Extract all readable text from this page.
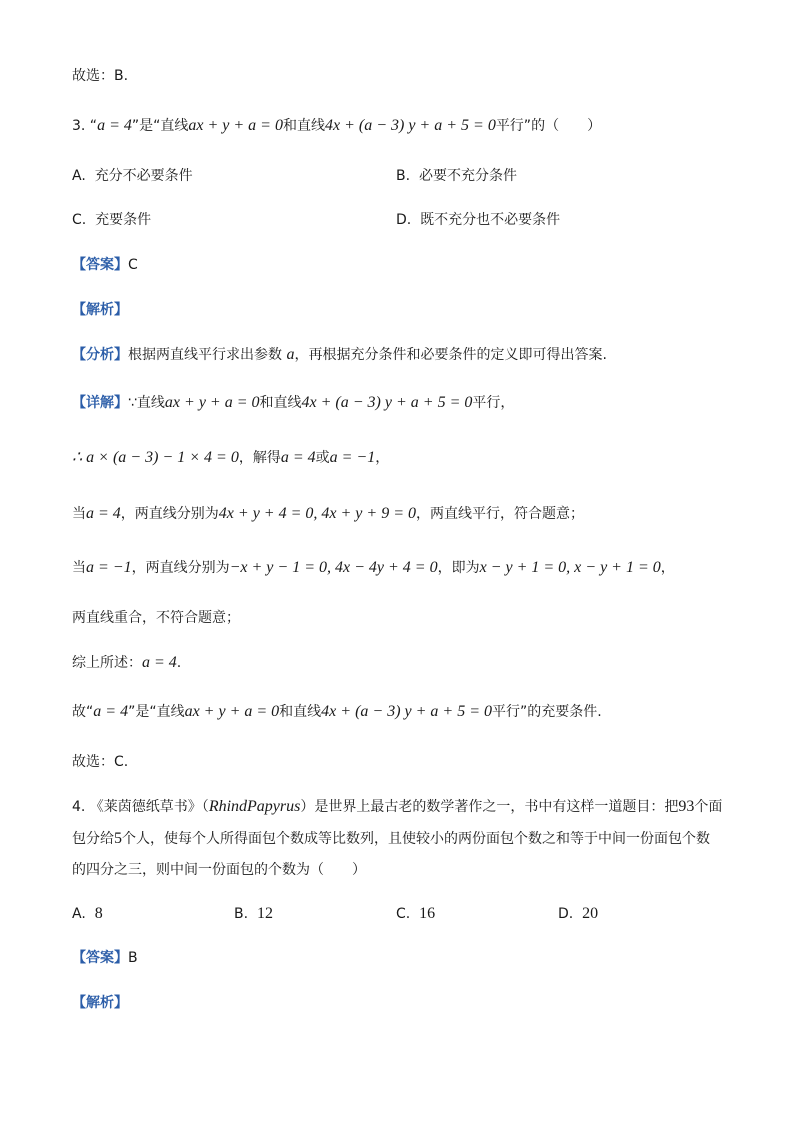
故选：B.
3. “a = 4”是“直线ax + y + a = 0和直线4x + (a − 3) y + a + 5 = 0平行”的（　　）
A. 充分不必要条件	B. 必要不充分条件
C. 充要条件	D. 既不充分也不必要条件
【答案】C
【解析】
【分析】根据两直线平行求出参数 a，再根据充分条件和必要条件的定义即可得出答案.
【详解】∵直线ax + y + a = 0和直线4x + (a − 3) y + a + 5 = 0平行，
∴ a × (a − 3) − 1 × 4 = 0，解得a = 4或a = −1，
当a = 4，两直线分别为4x + y + 4 = 0, 4x + y + 9 = 0，两直线平行，符合题意；
当a = −1，两直线分别为−x + y − 1 = 0, 4x − 4y + 4 = 0，即为x − y + 1 = 0, x − y + 1 = 0，
两直线重合，不符合题意；
综上所述：a = 4.
故“a = 4”是“直线ax + y + a = 0和直线4x + (a − 3) y + a + 5 = 0平行”的充要条件.
故选：C.
4. 《莱茵德纸草书》（RhindPapyrus）是世界上最古老的数学著作之一，书中有这样一道题目：把93个面
包分给5个人，使每个人所得面包个数成等比数列，且使较小的两份面包个数之和等于中间一份面包个数
的四分之三，则中间一份面包的个数为（　　）
A. 8	B. 12	C. 16	D. 20
【答案】B
【解析】
